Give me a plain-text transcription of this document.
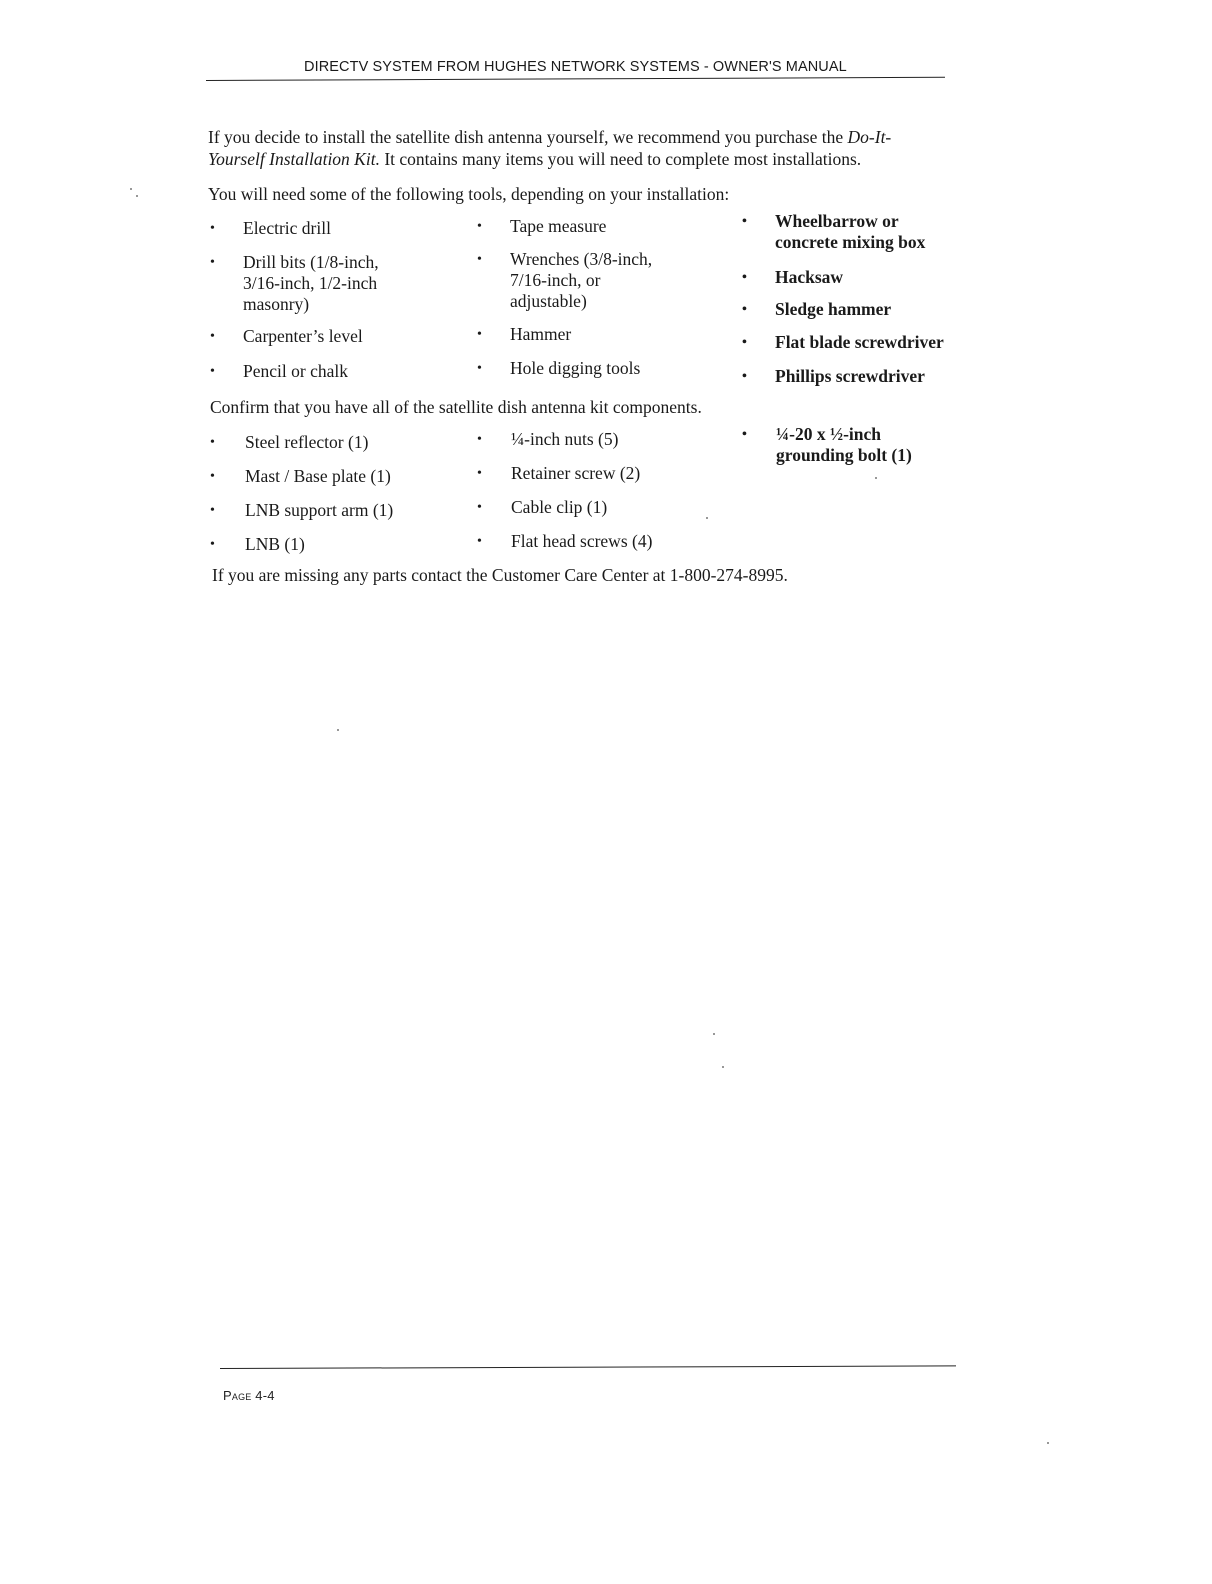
DIRECTV SYSTEM FROM HUGHES NETWORK SYSTEMS - OWNER'S MANUAL
If you decide to install the satellite dish antenna yourself, we recommend you purchase the Do-It-
Yourself Installation Kit. It contains many items you will need to complete most installations.
You will need some of the following tools, depending on your installation:
• Electric drill
• Drill bits (1/8-inch,
3/16-inch, 1/2-inch
masonry)
• Carpenter’s level
• Pencil or chalk
• Tape measure
• Wrenches (3/8-inch,
7/16-inch, or
adjustable)
• Hammer
• Hole digging tools
• Wheelbarrow or
concrete mixing box
• Hacksaw
• Sledge hammer
• Flat blade screwdriver
• Phillips screwdriver
Confirm that you have all of the satellite dish antenna kit components.
• Steel reflector (1)
• Mast / Base plate (1)
• LNB support arm (1)
• LNB (1)
• ¼-inch nuts (5)
• Retainer screw (2)
• Cable clip (1)
• Flat head screws (4)
• ¼-20 x ½-inch
grounding bolt (1)
If you are missing any parts contact the Customer Care Center at 1-800-274-8995.
Page 4-4
